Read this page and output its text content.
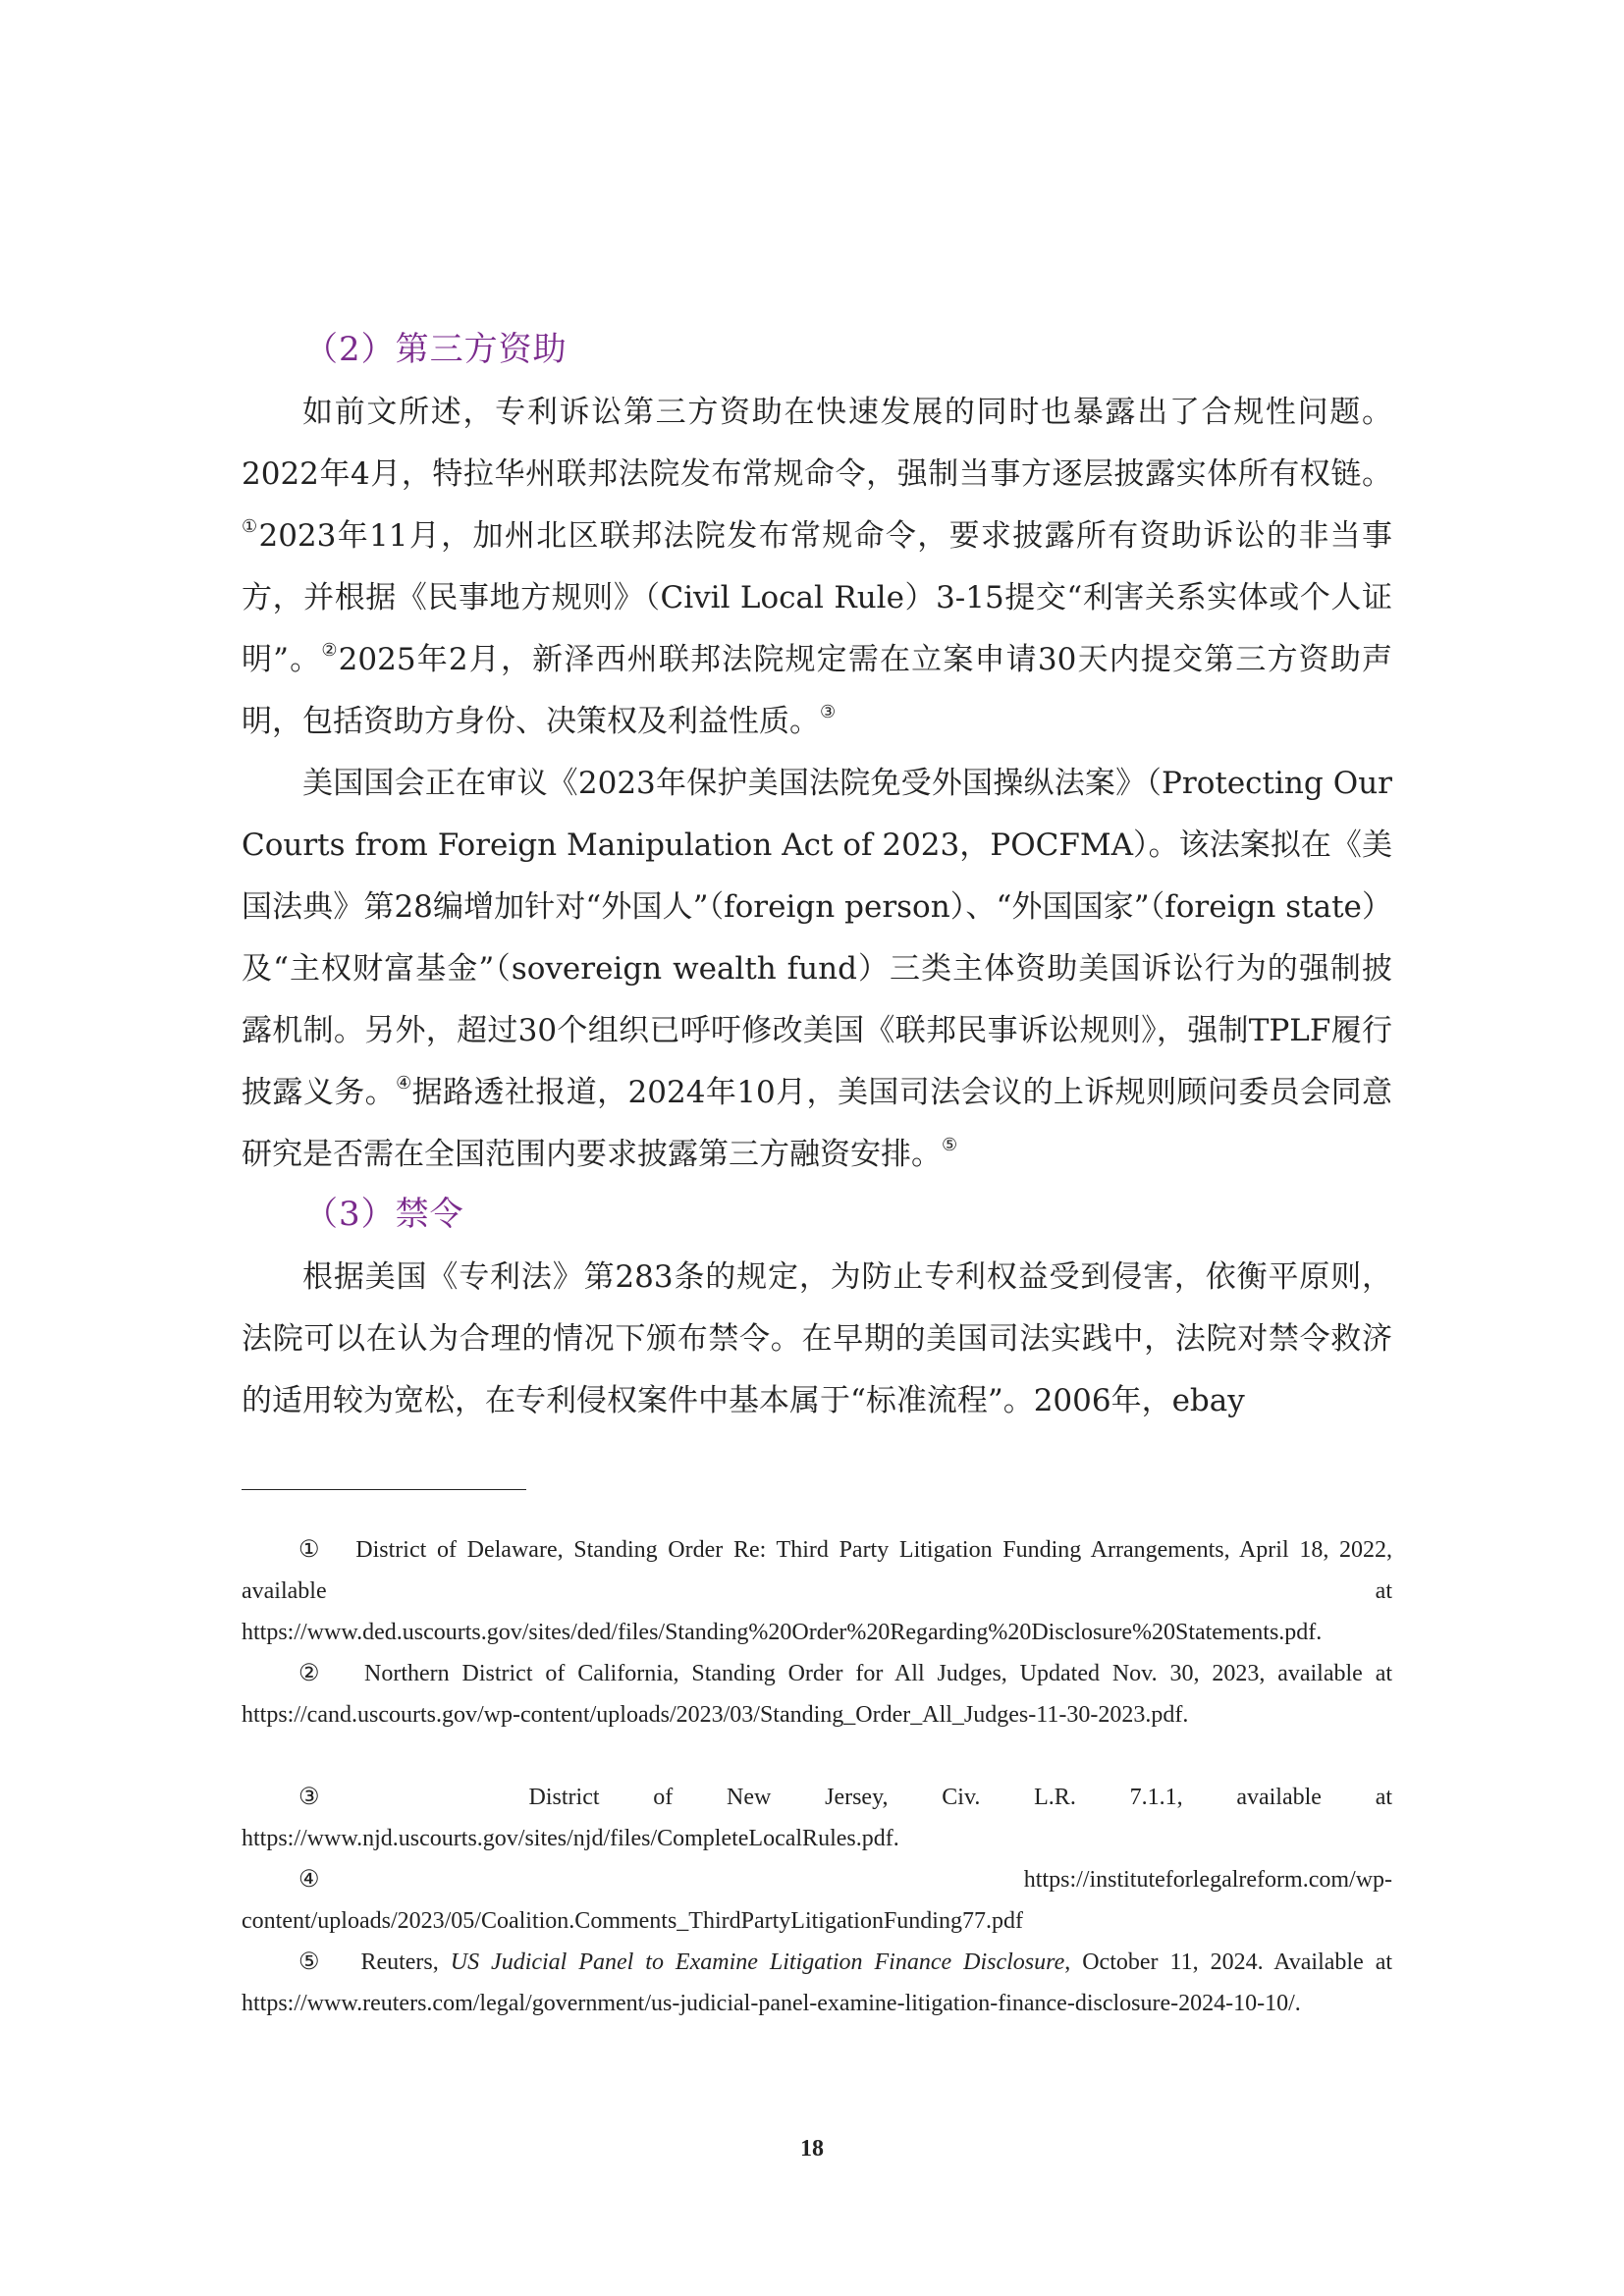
（2）第三方资助

如前文所述，专利诉讼第三方资助在快速发展的同时也暴露出了合规性问题。2022年4月，特拉华州联邦法院发布常规命令，强制当事方逐层披露实体所有权链。①2023年11月，加州北区联邦法院发布常规命令，要求披露所有资助诉讼的非当事方，并根据《民事地方规则》（Civil Local Rule）3-15提交“利害关系实体或个人证明”。②2025年2月，新泽西州联邦法院规定需在立案申请30天内提交第三方资助声明，包括资助方身份、决策权及利益性质。③

美国国会正在审议《2023年保护美国法院免受外国操纵法案》（Protecting Our Courts from Foreign Manipulation Act of 2023，POCFMA）。该法案拟在《美国法典》第28编增加针对“外国人”（foreign person）、“外国国家”（foreign state）及“主权财富基金”（sovereign wealth fund）三类主体资助美国诉讼行为的强制披露机制。另外，超过30个组织已呼吁修改美国《联邦民事诉讼规则》，强制TPLF履行披露义务。④据路透社报道，2024年10月，美国司法会议的上诉规则顾问委员会同意研究是否需在全国范围内要求披露第三方融资安排。⑤

（3）禁令

根据美国《专利法》第283条的规定，为防止专利权益受到侵害，依衡平原则，法院可以在认为合理的情况下颁布禁令。在早期的美国司法实践中，法院对禁令救济的适用较为宽松，在专利侵权案件中基本属于“标准流程”。2006年，ebay

① District of Delaware, Standing Order Re: Third Party Litigation Funding Arrangements, April 18, 2022, available at https://www.ded.uscourts.gov/sites/ded/files/Standing%20Order%20Regarding%20Disclosure%20Statements.pdf.

② Northern District of California, Standing Order for All Judges, Updated Nov. 30, 2023, available at https://cand.uscourts.gov/wp-content/uploads/2023/03/Standing_Order_All_Judges-11-30-2023.pdf.

③	District of New Jersey, Civ. L.R. 7.1.1, available at https://www.njd.uscourts.gov/sites/njd/files/CompleteLocalRules.pdf.

④	https://instituteforlegalreform.com/wp-content/uploads/2023/05/Coalition.Comments_ThirdPartyLitigationFunding77.pdf

⑤ Reuters, US Judicial Panel to Examine Litigation Finance Disclosure, October 11, 2024. Available at https://www.reuters.com/legal/government/us-judicial-panel-examine-litigation-finance-disclosure-2024-10-10/.

18
